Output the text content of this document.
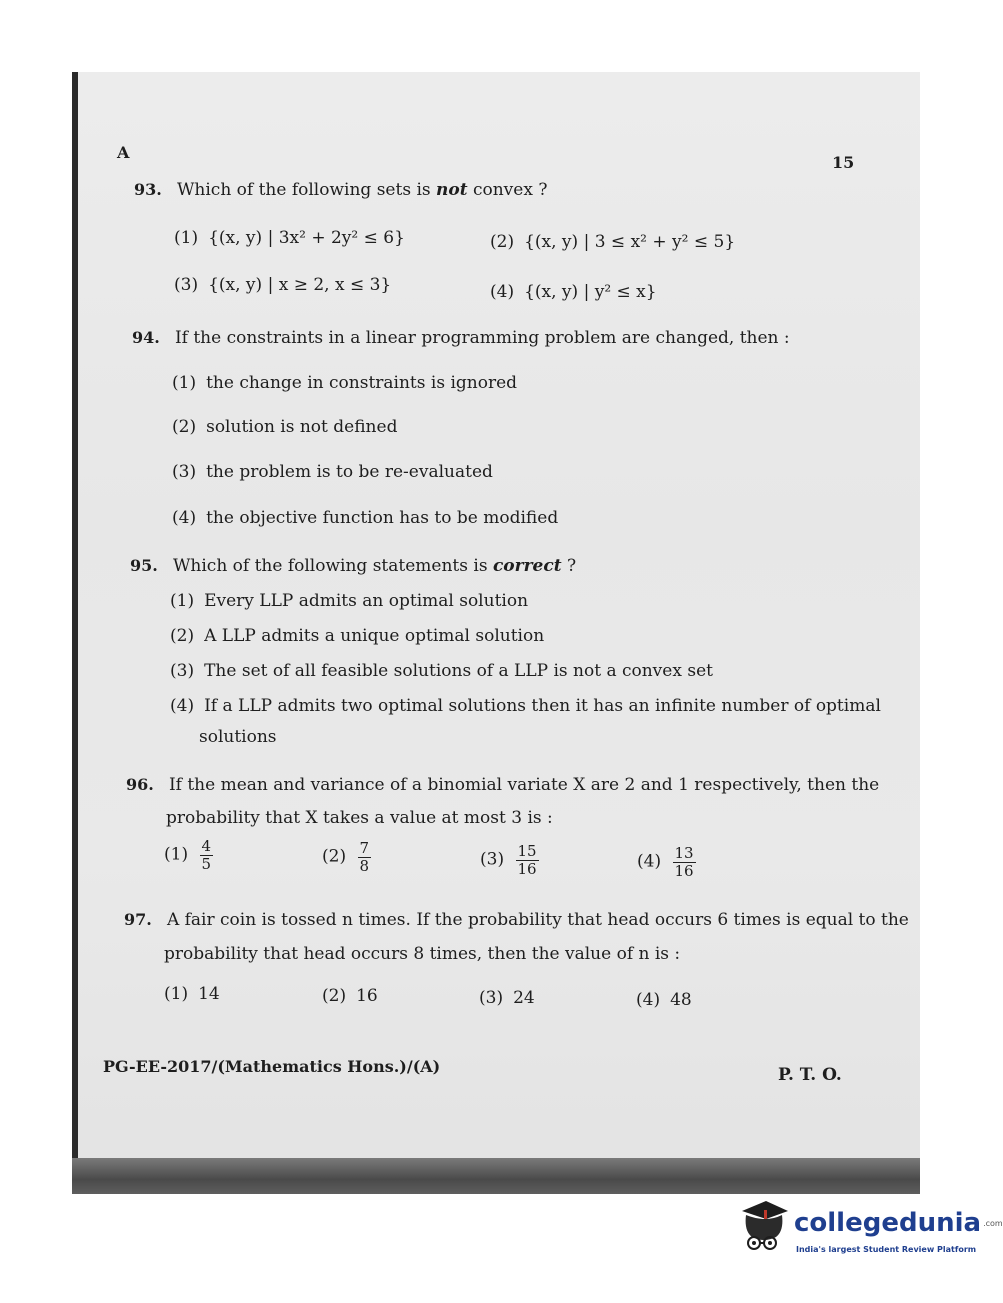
A
15
93. Which of the following sets is not convex ?
(1) {(x, y) | 3x² + 2y² ≤ 6}	(2) {(x, y) | 3 ≤ x² + y² ≤ 5}
(3) {(x, y) | x ≥ 2, x ≤ 3}	(4) {(x, y) | y² ≤ x}
94. If the constraints in a linear programming problem are changed, then :
(1) the change in constraints is ignored
(2) solution is not defined
(3) the problem is to be re-evaluated
(4) the objective function has to be modified
95. Which of the following statements is correct ?
(1) Every LLP admits an optimal solution
(2) A LLP admits a unique optimal solution
(3) The set of all feasible solutions of a LLP is not a convex set
(4) If a LLP admits two optimal solutions then it has an infinite number of optimal
solutions
96. If the mean and variance of a binomial variate X are 2 and 1 respectively, then the
probability that X takes a value at most 3 is :
$(1) \frac{4}{5}$	$(2) \frac{7}{8}$	$(3) \frac{15}{16}$	$(4) \frac{13}{16}$
97. A fair coin is tossed n times. If the probability that head occurs 6 times is equal to the
probability that head occurs 8 times, then the value of n is :
(1) 14	(2) 16	(3) 24	(4) 48
PG-EE-2017/(Mathematics Hons.)/(A)	P. T. O.
collegedunia .com
India's largest Student Review Platform
